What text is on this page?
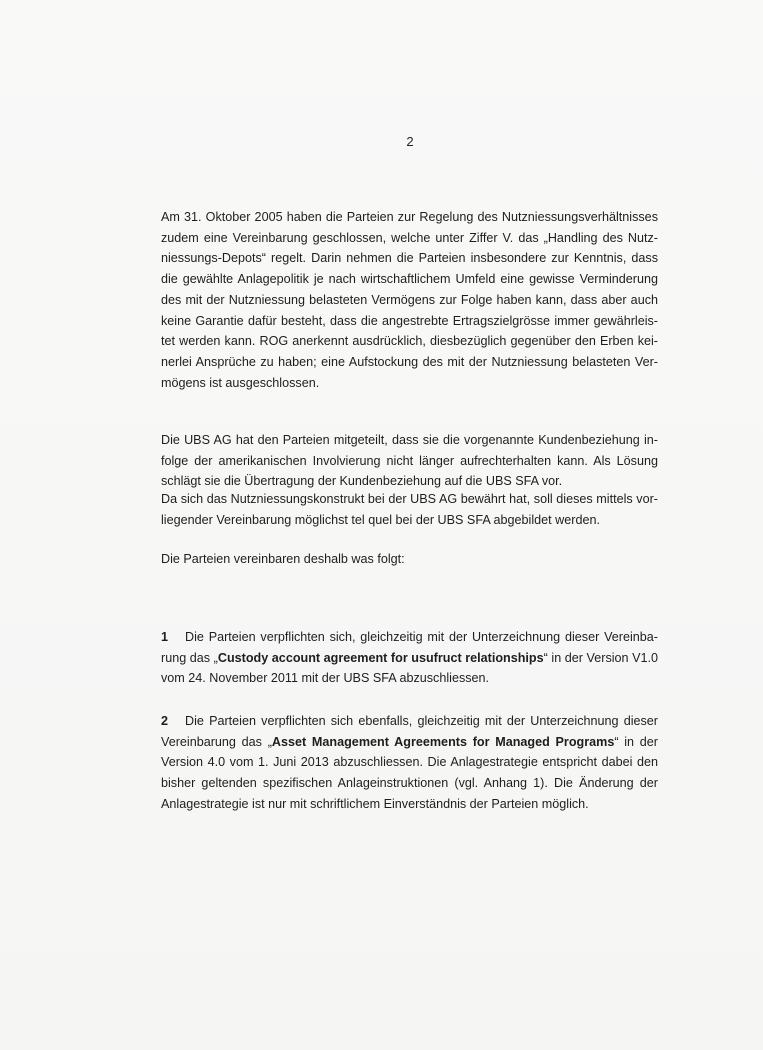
2

Am 31. Oktober 2005 haben die Parteien zur Regelung des Nutzniessungsverhältnisses zudem eine Vereinbarung geschlossen, welche unter Ziffer V. das „Handling des Nutzniessungs-Depots“ regelt. Darin nehmen die Parteien insbesondere zur Kenntnis, dass die gewählte Anlagepolitik je nach wirtschaftlichem Umfeld eine gewisse Verminderung des mit der Nutzniessung belasteten Vermögens zur Folge haben kann, dass aber auch keine Garantie dafür besteht, dass die angestrebte Ertragszielgrösse immer gewährleistet werden kann. ROG anerkennt ausdrücklich, diesbezüglich gegenüber den Erben keinerlei Ansprüche zu haben; eine Aufstockung des mit der Nutzniessung belasteten Vermögens ist ausgeschlossen.

Die UBS AG hat den Parteien mitgeteilt, dass sie die vorgenannte Kundenbeziehung infolge der amerikanischen Involvierung nicht länger aufrechterhalten kann. Als Lösung schlägt sie die Übertragung der Kundenbeziehung auf die UBS SFA vor.

Da sich das Nutzniessungskonstrukt bei der UBS AG bewährt hat, soll dieses mittels vorliegender Vereinbarung möglichst tel quel bei der UBS SFA abgebildet werden.

Die Parteien vereinbaren deshalb was folgt:

1 Die Parteien verpflichten sich, gleichzeitig mit der Unterzeichnung dieser Vereinbarung das „Custody account agreement for usufruct relationships“ in der Version V1.0 vom 24. November 2011 mit der UBS SFA abzuschliessen.

2 Die Parteien verpflichten sich ebenfalls, gleichzeitig mit der Unterzeichnung dieser Vereinbarung das „Asset Management Agreements for Managed Programs“ in der Version 4.0 vom 1. Juni 2013 abzuschliessen. Die Anlagestrategie entspricht dabei den bisher geltenden spezifischen Anlageinstruktionen (vgl. Anhang 1). Die Änderung der Anlagestrategie ist nur mit schriftlichem Einverständnis der Parteien möglich.
